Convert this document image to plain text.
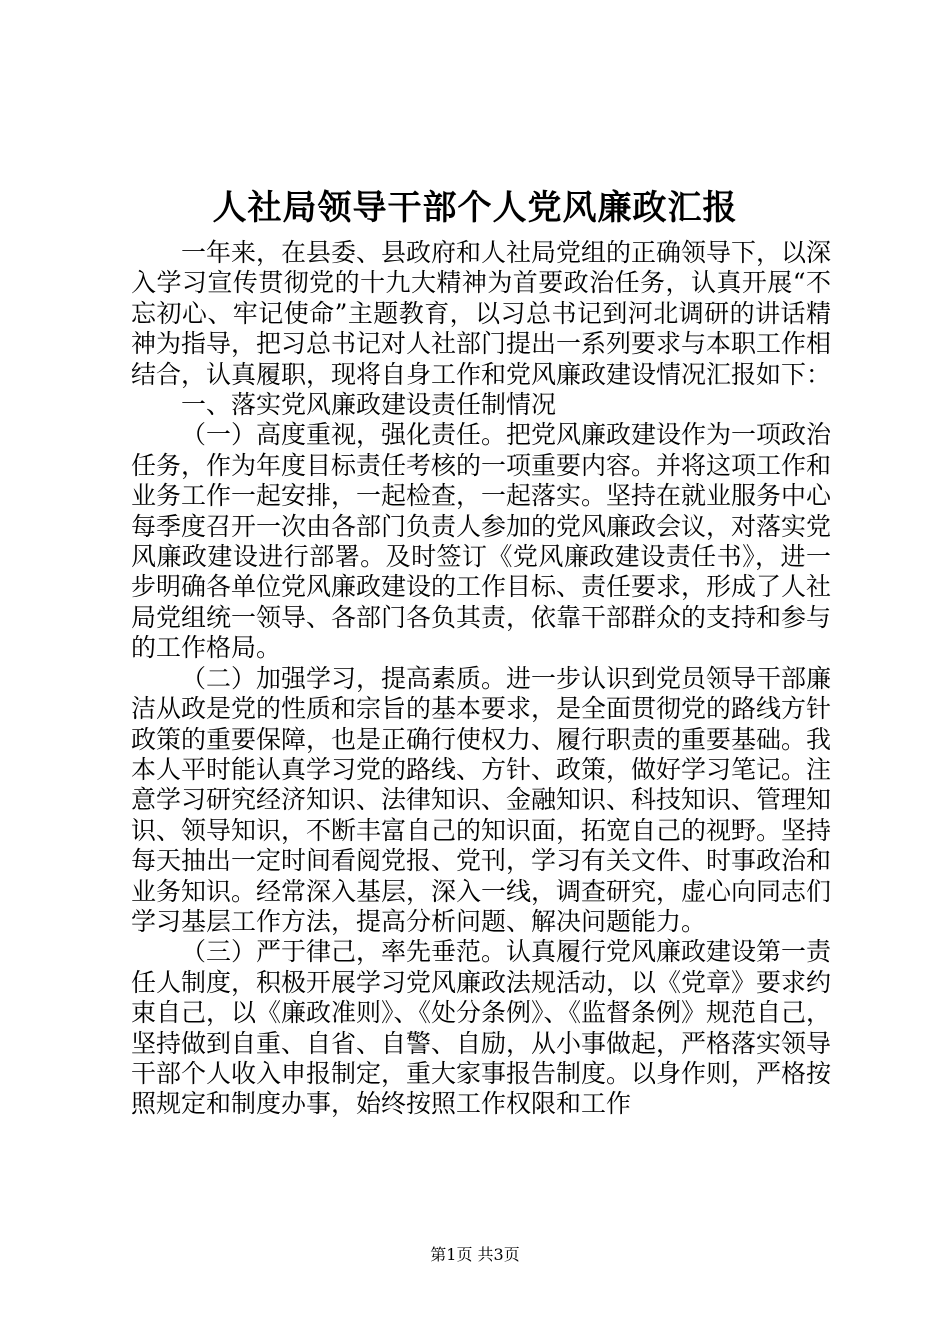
人社局领导干部个人党风廉政汇报

一年来，在县委、县政府和人社局党组的正确领导下，以深入学习宣传贯彻党的十九大精神为首要政治任务，认真开展“不忘初心、牢记使命”主题教育，以习总书记到河北调研的讲话精神为指导，把习总书记对人社部门提出一系列要求与本职工作相结合，认真履职，现将自身工作和党风廉政建设情况汇报如下：

一、落实党风廉政建设责任制情况

（一）高度重视，强化责任。把党风廉政建设作为一项政治任务，作为年度目标责任考核的一项重要内容。并将这项工作和业务工作一起安排，一起检查，一起落实。坚持在就业服务中心每季度召开一次由各部门负责人参加的党风廉政会议，对落实党风廉政建设进行部署。及时签订《党风廉政建设责任书》，进一步明确各单位党风廉政建设的工作目标、责任要求，形成了人社局党组统一领导、各部门各负其责，依靠干部群众的支持和参与的工作格局。

（二）加强学习，提高素质。进一步认识到党员领导干部廉洁从政是党的性质和宗旨的基本要求，是全面贯彻党的路线方针政策的重要保障，也是正确行使权力、履行职责的重要基础。我本人平时能认真学习党的路线、方针、政策，做好学习笔记。注意学习研究经济知识、法律知识、金融知识、科技知识、管理知识、领导知识，不断丰富自己的知识面，拓宽自己的视野。坚持每天抽出一定时间看阅党报、党刊，学习有关文件、时事政治和业务知识。经常深入基层，深入一线，调查研究，虚心向同志们学习基层工作方法，提高分析问题、解决问题能力。

（三）严于律己，率先垂范。认真履行党风廉政建设第一责任人制度，积极开展学习党风廉政法规活动，以《党章》要求约束自己，以《廉政准则》、《处分条例》、《监督条例》规范自己，坚持做到自重、自省、自警、自励，从小事做起，严格落实领导干部个人收入申报制定，重大家事报告制度。以身作则，严格按照规定和制度办事，始终按照工作权限和工作

第1页 共3页
